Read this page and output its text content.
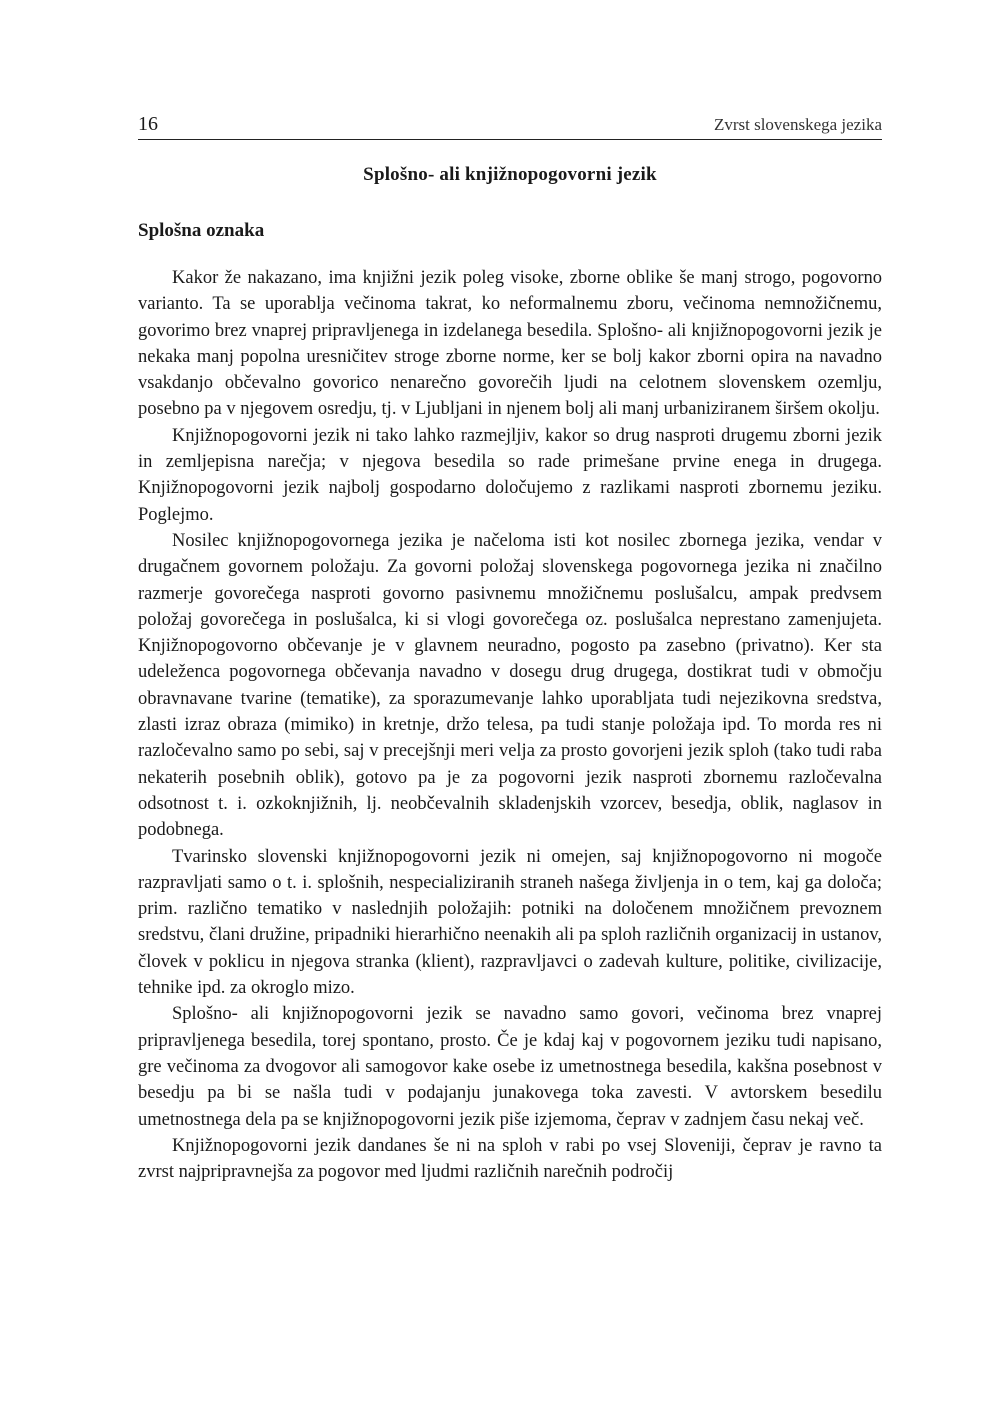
16	Zvrst slovenskega jezika
Splošno- ali knjižnopogovorni jezik
Splošna oznaka

Kakor že nakazano, ima knjižni jezik poleg visoke, zborne oblike še manj strogo, pogovorno varianto. Ta se uporablja večinoma takrat, ko neformalnemu zboru, večinoma nemnožičnemu, govorimo brez vnaprej pripravljenega in izdelanega besedila. Splošno- ali knjižnopogovorni jezik je nekaka manj popolna uresničitev stroge zborne norme, ker se bolj kakor zborni opira na navadno vsakdanjo občevalno govorico nenarečno govorečih ljudi na celotnem slovenskem ozemlju, posebno pa v njegovem osredju, tj. v Ljubljani in njenem bolj ali manj urbaniziranem širšem okolju.

Knjižnopogovorni jezik ni tako lahko razmejljiv, kakor so drug nasproti drugemu zborni jezik in zemljepisna narečja; v njegova besedila so rade primešane prvine enega in drugega. Knjižnopogovorni jezik najbolj gospodarno določujemo z razlikami nasproti zbornemu jeziku. Poglejmo.

Nosilec knjižnopogovornega jezika je načeloma isti kot nosilec zbornega jezika, vendar v drugačnem govornem položaju. Za govorni položaj slovenskega pogovornega jezika ni značilno razmerje govorečega nasproti govorno pasivnemu množičnemu poslušalcu, ampak predvsem položaj govorečega in poslušalca, ki si vlogi govorečega oz. poslušalca neprestano zamenjujeta. Knjižnopogovorno občevanje je v glavnem neuradno, pogosto pa zasebno (privatno). Ker sta udeleženca pogovornega občevanja navadno v dosegu drug drugega, dostikrat tudi v območju obravnavane tvarine (tematike), za sporazumevanje lahko uporabljata tudi nejezikovna sredstva, zlasti izraz obraza (mimiko) in kretnje, držo telesa, pa tudi stanje položaja ipd. To morda res ni razločevalno samo po sebi, saj v precejšnji meri velja za prosto govorjeni jezik sploh (tako tudi raba nekaterih posebnih oblik), gotovo pa je za pogovorni jezik nasproti zbornemu razločevalna odsotnost t. i. ozkoknjižnih, lj. neobčevalnih skladenjskih vzorcev, besedja, oblik, naglasov in podobnega.

Tvarinsko slovenski knjižnopogovorni jezik ni omejen, saj knjižnopogovorno ni mogoče razpravljati samo o t. i. splošnih, nespecializiranih straneh našega življenja in o tem, kaj ga določa; prim. različno tematiko v naslednjih položajih: potniki na določenem množičnem prevoznem sredstvu, člani družine, pripadniki hierarhično neenakih ali pa sploh različnih organizacij in ustanov, človek v poklicu in njegova stranka (klient), razpravljavci o zadevah kulture, politike, civilizacije, tehnike ipd. za okroglo mizo.

Splošno- ali knjižnopogovorni jezik se navadno samo govori, večinoma brez vnaprej pripravljenega besedila, torej spontano, prosto. Če je kdaj kaj v pogovornem jeziku tudi napisano, gre večinoma za dvogovor ali samogovor kake osebe iz umetnostnega besedila, kakšna posebnost v besedju pa bi se našla tudi v podajanju junakovega toka zavesti. V avtorskem besedilu umetnostnega dela pa se knjižnopogovorni jezik piše izjemoma, čeprav v zadnjem času nekaj več.

Knjižnopogovorni jezik dandanes še ni na sploh v rabi po vsej Sloveniji, čeprav je ravno ta zvrst najpripravnejša za pogovor med ljudmi različnih narečnih področij
